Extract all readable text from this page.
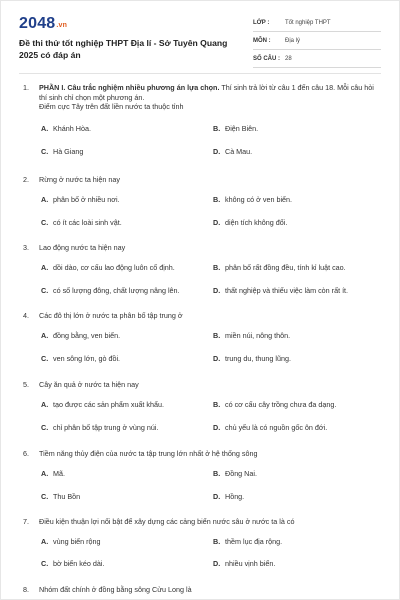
2048.vn
Đề thi thử tốt nghiệp THPT Địa lí - Sở Tuyên Quang 2025 có đáp án
LỚP :	Tốt nghiệp THPT
MÔN :	Địa lý
SỐ CÂU : 28
1. PHẦN I. Câu trắc nghiệm nhiều phương án lựa chọn. Thí sinh trả lời từ câu 1 đến câu 18. Mỗi câu hỏi thí sinh chỉ chọn một phương án.
Điểm cực Tây trên đất liền nước ta thuộc tỉnh
A. Khánh Hòa.	B. Điện Biên.
C. Hà Giang	D. Cà Mau.
2. Rừng ở nước ta hiện nay
A. phân bố ở nhiều nơi.	B. không có ở ven biển.
C. có ít các loài sinh vật.	D. diện tích không đổi.
3. Lao động nước ta hiện nay
A. dồi dào, cơ cấu lao động luôn cố định.	B. phân bố rất đồng đều, tính kỉ luật cao.
C. có số lượng đông, chất lượng nâng lên.	D. thất nghiệp và thiếu việc làm còn rất ít.
4. Các đô thị lớn ở nước ta phân bố tập trung ở
A. đồng bằng, ven biển.	B. miền núi, nông thôn.
C. ven sông lớn, gò đồi.	D. trung du, thung lũng.
5. Cây ăn quả ở nước ta hiện nay
A. tạo được các sản phẩm xuất khẩu.	B. có cơ cấu cây trồng chưa đa dạng.
C. chỉ phân bố tập trung ở vùng núi.	D. chủ yếu là có nguồn gốc ôn đới.
6. Tiềm năng thủy điện của nước ta tập trung lớn nhất ở hệ thống sông
A. Mã.	B. Đồng Nai.
C. Thu Bồn	D. Hồng.
7. Điều kiện thuận lợi nổi bật để xây dựng các cảng biển nước sâu ở nước ta là có
A. vùng biển rộng	B. thềm lục địa rộng.
C. bờ biển kéo dài.	D. nhiều vịnh biển.
8. Nhóm đất chính ở đồng bằng sông Cửu Long là
